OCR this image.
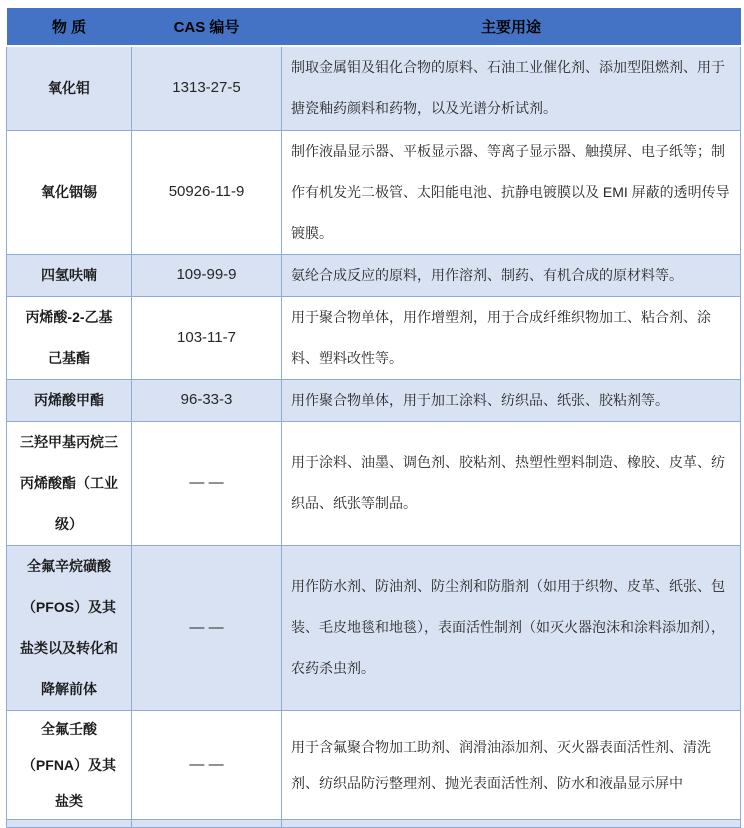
物 质	CAS 编号	主要用途
氧化钼	1313-27-5	制取金属钼及钼化合物的原料、石油工业催化剂、添加型阻燃剂、用于搪瓷釉药颜料和药物，以及光谱分析试剂。
氧化铟锡	50926-11-9	制作液晶显示器、平板显示器、等离子显示器、触摸屏、电子纸等；制作有机发光二极管、太阳能电池、抗静电镀膜以及 EMI 屏蔽的透明传导镀膜。
四氢呋喃	109-99-9	氨纶合成反应的原料，用作溶剂、制药、有机合成的原材料等。
丙烯酸-2-乙基己基酯	103-11-7	用于聚合物单体，用作增塑剂，用于合成纤维织物加工、粘合剂、涂料、塑料改性等。
丙烯酸甲酯	96-33-3	用作聚合物单体，用于加工涂料、纺织品、纸张、胶粘剂等。
三羟甲基丙烷三丙烯酸酯（工业级）	— —	用于涂料、油墨、调色剂、胶粘剂、热塑性塑料制造、橡胶、皮革、纺织品、纸张等制品。
全氟辛烷磺酸（PFOS）及其盐类以及转化和降解前体	— —	用作防水剂、防油剂、防尘剂和防脂剂（如用于织物、皮革、纸张、包装、毛皮地毯和地毯），表面活性制剂（如灭火器泡沫和涂料添加剂），农药杀虫剂。
全氟壬酸（PFNA）及其盐类	— —	用于含氟聚合物加工助剂、润滑油添加剂、灭火器表面活性剂、清洗剂、纺织品防污整理剂、抛光表面活性剂、防水和液晶显示屏中
